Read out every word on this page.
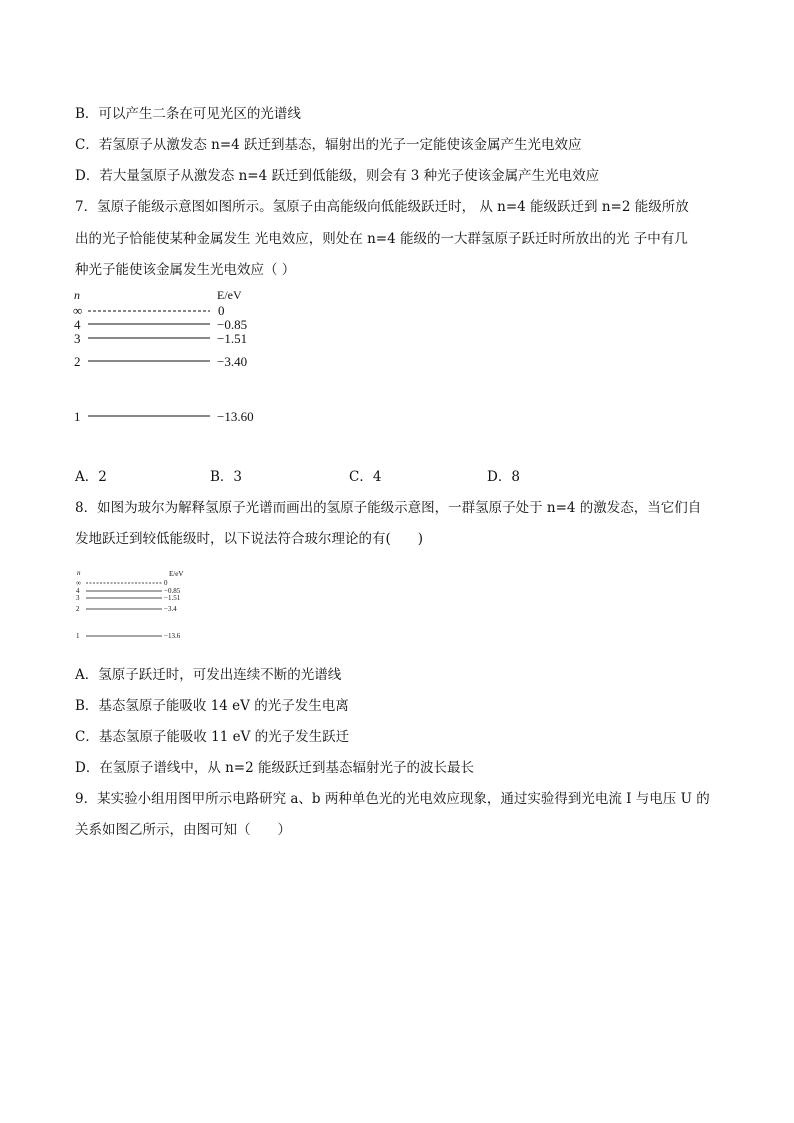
B．可以产生二条在可见光区的光谱线
C．若氢原子从激发态 n=4 跃迁到基态，辐射出的光子一定能使该金属产生光电效应
D．若大量氢原子从激发态 n=4 跃迁到低能级，则会有 3 种光子使该金属产生光电效应
7．氢原子能级示意图如图所示。氢原子由高能级向低能级跃迁时， 从 n=4 能级跃迁到 n=2 能级所放
出的光子恰能使某种金属发生 光电效应，则处在 n=4 能级的一大群氢原子跃迁时所放出的光 子中有几
种光子能使该金属发生光电效应（ ）
n	E/eV
∞	0
4	−0.85
3	−1.51
2	−3.40
1	−13.60
A．2	B．3	C．4	D．8
8．如图为玻尔为解释氢原子光谱而画出的氢原子能级示意图，一群氢原子处于 n=4 的激发态，当它们自
发地跃迁到较低能级时，以下说法符合玻尔理论的有(　　)
n	E/eV
∞	0
4	−0.85
3	−1.51
2	−3.4
1	−13.6
A．氢原子跃迁时，可发出连续不断的光谱线
B．基态氢原子能吸收 14 eV 的光子发生电离
C．基态氢原子能吸收 11 eV 的光子发生跃迁
D．在氢原子谱线中，从 n=2 能级跃迁到基态辐射光子的波长最长
9．某实验小组用图甲所示电路研究 a、b 两种单色光的光电效应现象，通过实验得到光电流 I 与电压 U 的
关系如图乙所示，由图可知（　　）
